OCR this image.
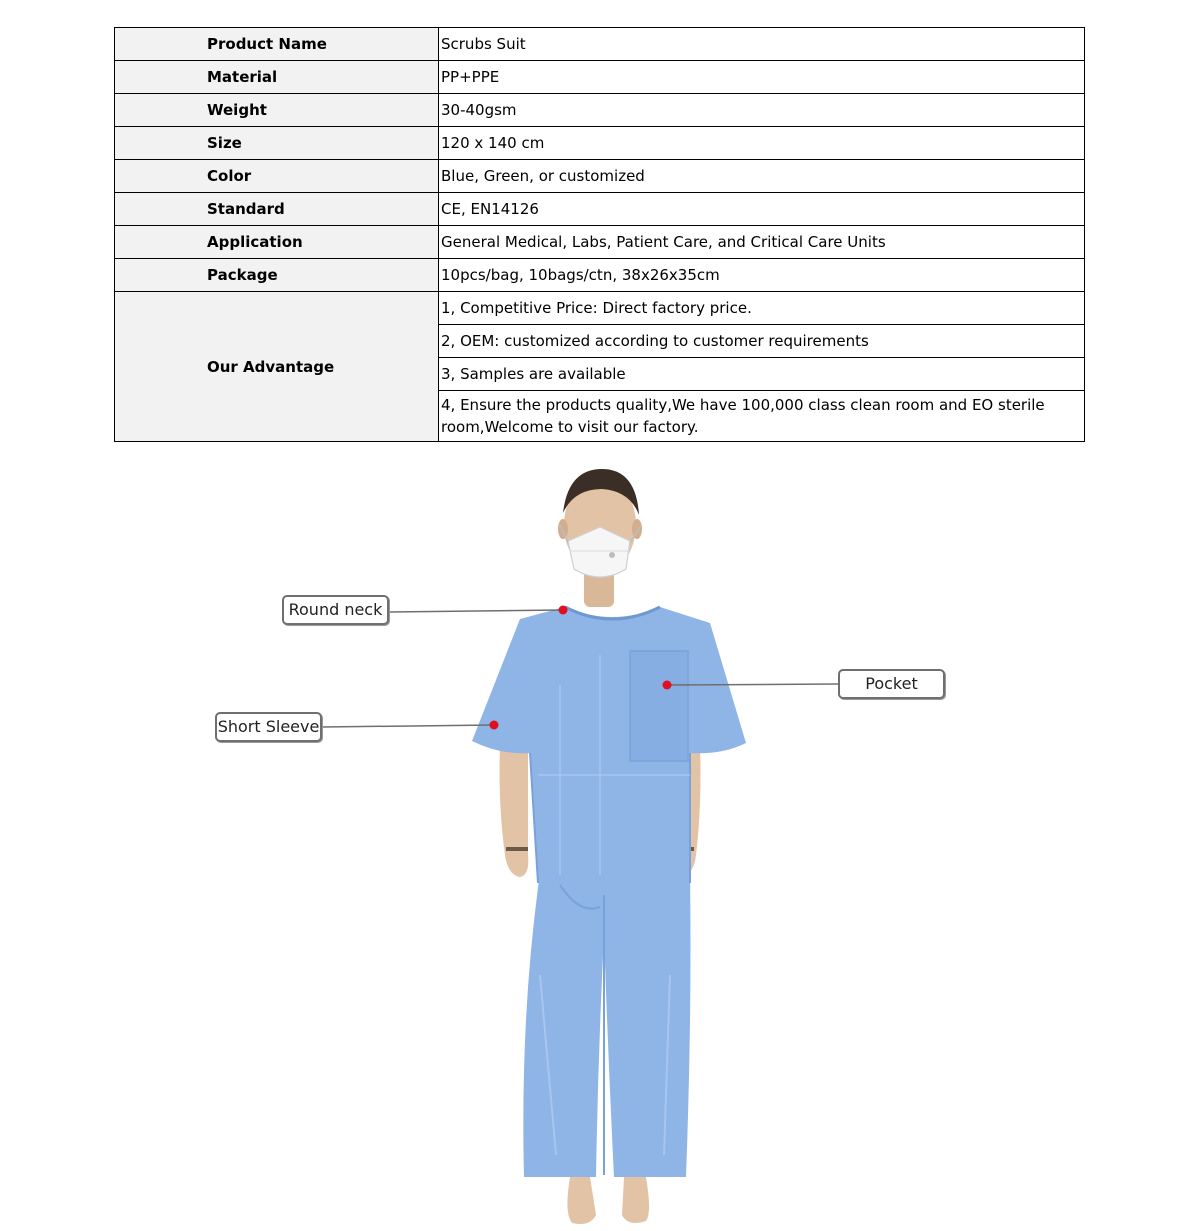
Product Name	Scrubs Suit
Material	PP+PPE
Weight	30-40gsm
Size	120 x 140 cm
Color	Blue, Green, or customized
Standard	CE, EN14126
Application	General Medical, Labs, Patient Care, and Critical Care Units
Package	10pcs/bag, 10bags/ctn, 38x26x35cm
Our Advantage	1, Competitive Price: Direct factory price.
	2, OEM: customized according to customer requirements
	3, Samples are available
	4, Ensure the products quality,We have 100,000 class clean room and EO sterile room,Welcome to visit our factory.
Round neck
Pocket
Short Sleeve
